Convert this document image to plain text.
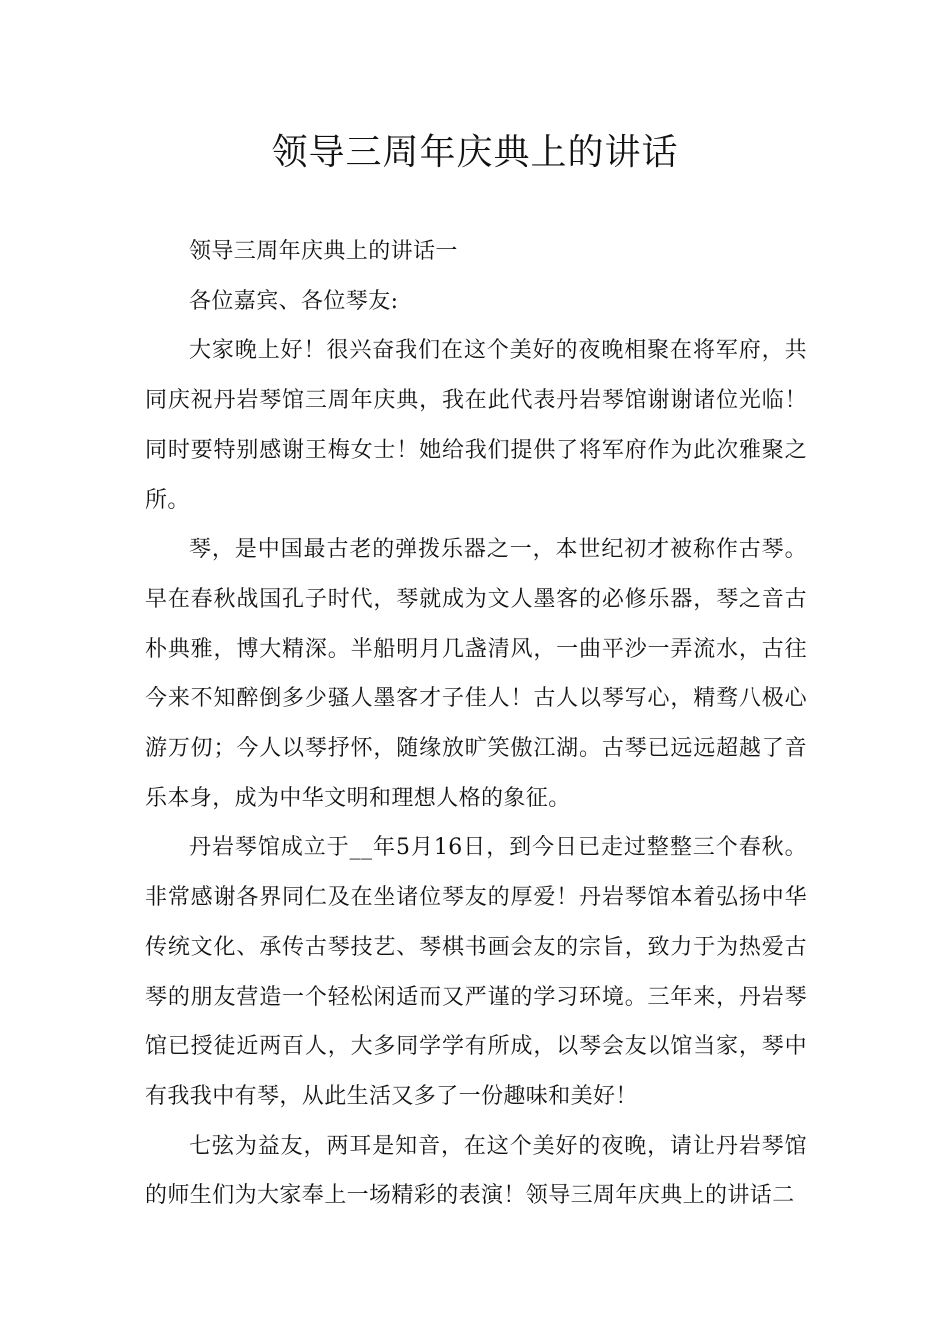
领导三周年庆典上的讲话

领导三周年庆典上的讲话一

各位嘉宾、各位琴友:

大家晚上好！很兴奋我们在这个美好的夜晚相聚在将军府，共同庆祝丹岩琴馆三周年庆典，我在此代表丹岩琴馆谢谢诸位光临！同时要特别感谢王梅女士！她给我们提供了将军府作为此次雅聚之所。

琴，是中国最古老的弹拨乐器之一，本世纪初才被称作古琴。早在春秋战国孔子时代，琴就成为文人墨客的必修乐器，琴之音古朴典雅，博大精深。半船明月几盏清风，一曲平沙一弄流水，古往今来不知醉倒多少骚人墨客才子佳人！古人以琴写心，精骛八极心游万仞；今人以琴抒怀，随缘放旷笑傲江湖。古琴已远远超越了音乐本身，成为中华文明和理想人格的象征。

丹岩琴馆成立于__年5月16日，到今日已走过整整三个春秋。非常感谢各界同仁及在坐诸位琴友的厚爱！丹岩琴馆本着弘扬中华传统文化、承传古琴技艺、琴棋书画会友的宗旨，致力于为热爱古琴的朋友营造一个轻松闲适而又严谨的学习环境。三年来，丹岩琴馆已授徒近两百人，大多同学学有所成，以琴会友以馆当家，琴中有我我中有琴，从此生活又多了一份趣味和美好！

七弦为益友，两耳是知音，在这个美好的夜晚，请让丹岩琴馆的师生们为大家奉上一场精彩的表演！领导三周年庆典上的讲话二
